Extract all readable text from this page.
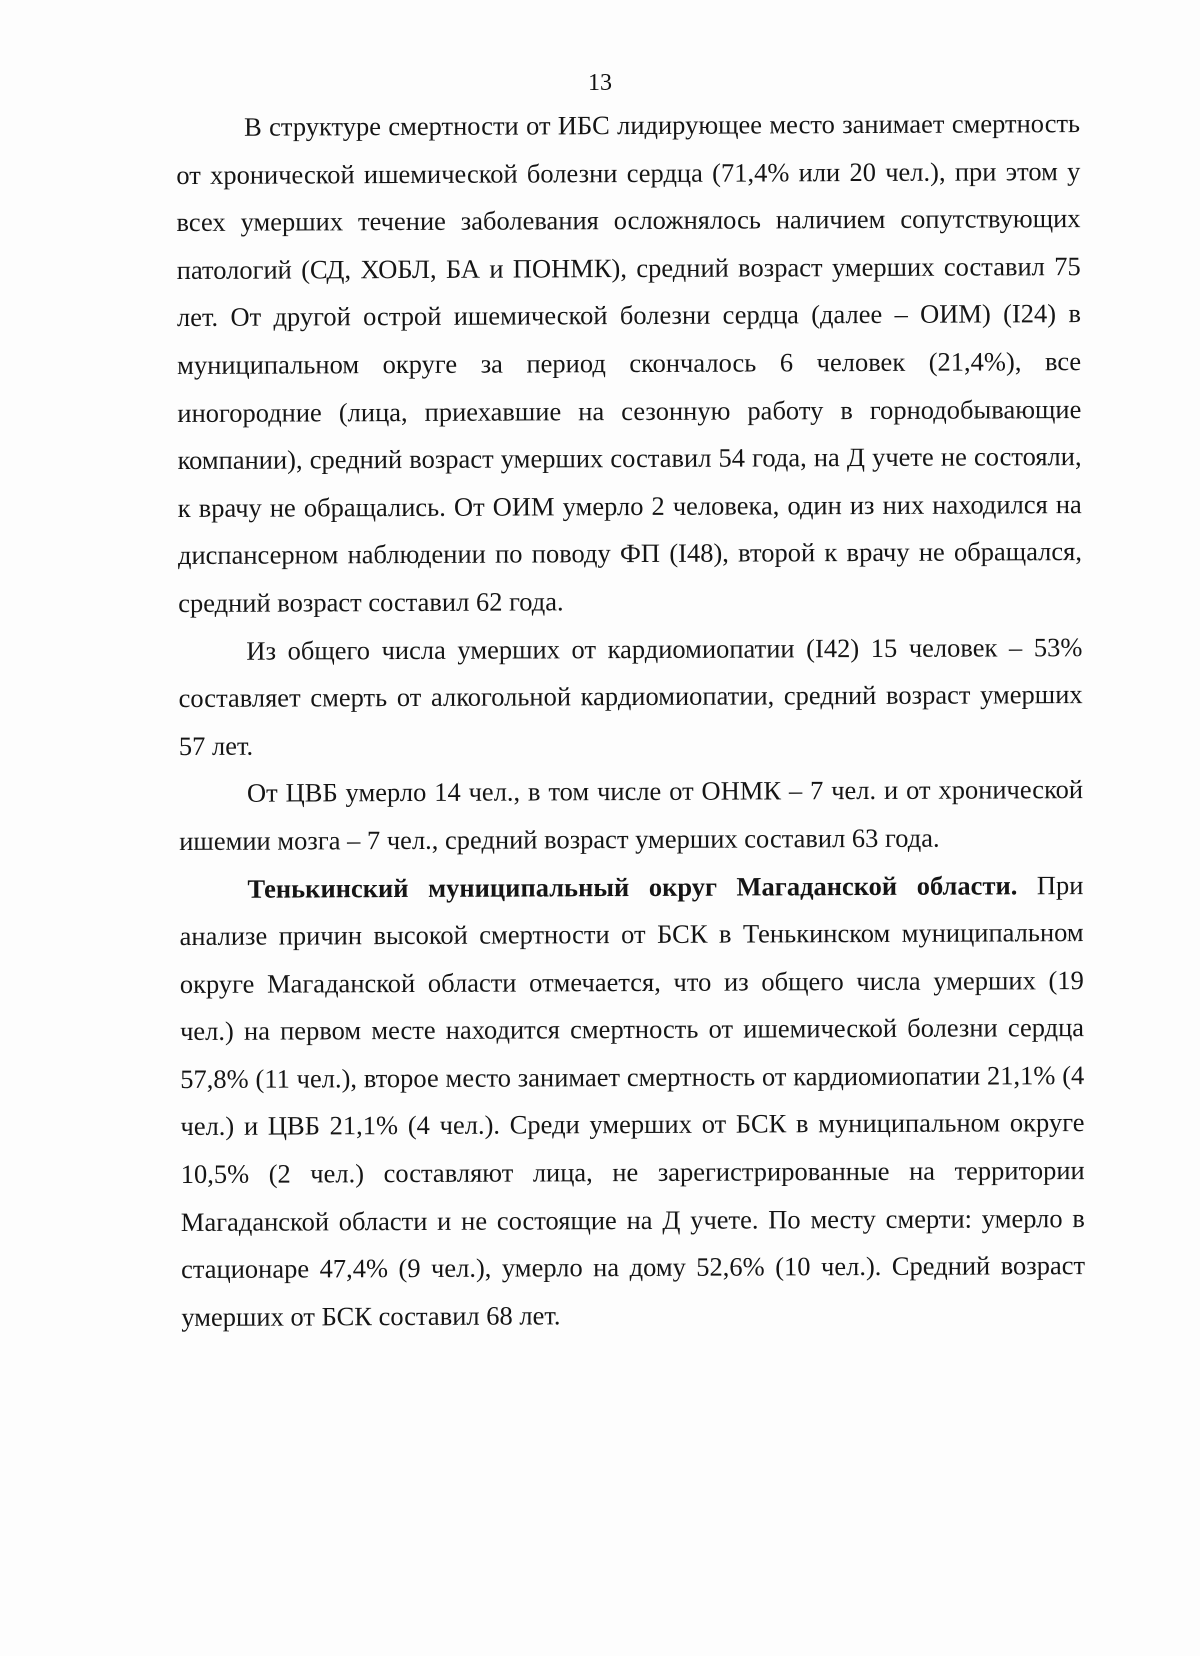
13

В структуре смертности от ИБС лидирующее место занимает смертность от хронической ишемической болезни сердца (71,4% или 20 чел.), при этом у всех умерших течение заболевания осложнялось наличием сопутствующих патологий (СД, ХОБЛ, БА и ПОНМК), средний возраст умерших составил 75 лет. От другой острой ишемической болезни сердца (далее – ОИМ) (I24) в муниципальном округе за период скончалось 6 человек (21,4%), все иногородние (лица, приехавшие на сезонную работу в горнодобывающие компании), средний возраст умерших составил 54 года, на Д учете не состояли, к врачу не обращались. От ОИМ умерло 2 человека, один из них находился на диспансерном наблюдении по поводу ФП (I48), второй к врачу не обращался, средний возраст составил 62 года.

Из общего числа умерших от кардиомиопатии (I42) 15 человек – 53% составляет смерть от алкогольной кардиомиопатии, средний возраст умерших 57 лет.

От ЦВБ умерло 14 чел., в том числе от ОНМК – 7 чел. и от хронической ишемии мозга – 7 чел., средний возраст умерших составил 63 года.

Тенькинский муниципальный округ Магаданской области. При анализе причин высокой смертности от БСК в Тенькинском муниципальном округе Магаданской области отмечается, что из общего числа умерших (19 чел.) на первом месте находится смертность от ишемической болезни сердца 57,8% (11 чел.), второе место занимает смертность от кардиомиопатии 21,1% (4 чел.) и ЦВБ 21,1% (4 чел.). Среди умерших от БСК в муниципальном округе 10,5% (2 чел.) составляют лица, не зарегистрированные на территории Магаданской области и не состоящие на Д учете. По месту смерти: умерло в стационаре 47,4% (9 чел.), умерло на дому 52,6% (10 чел.). Средний возраст умерших от БСК составил 68 лет.
